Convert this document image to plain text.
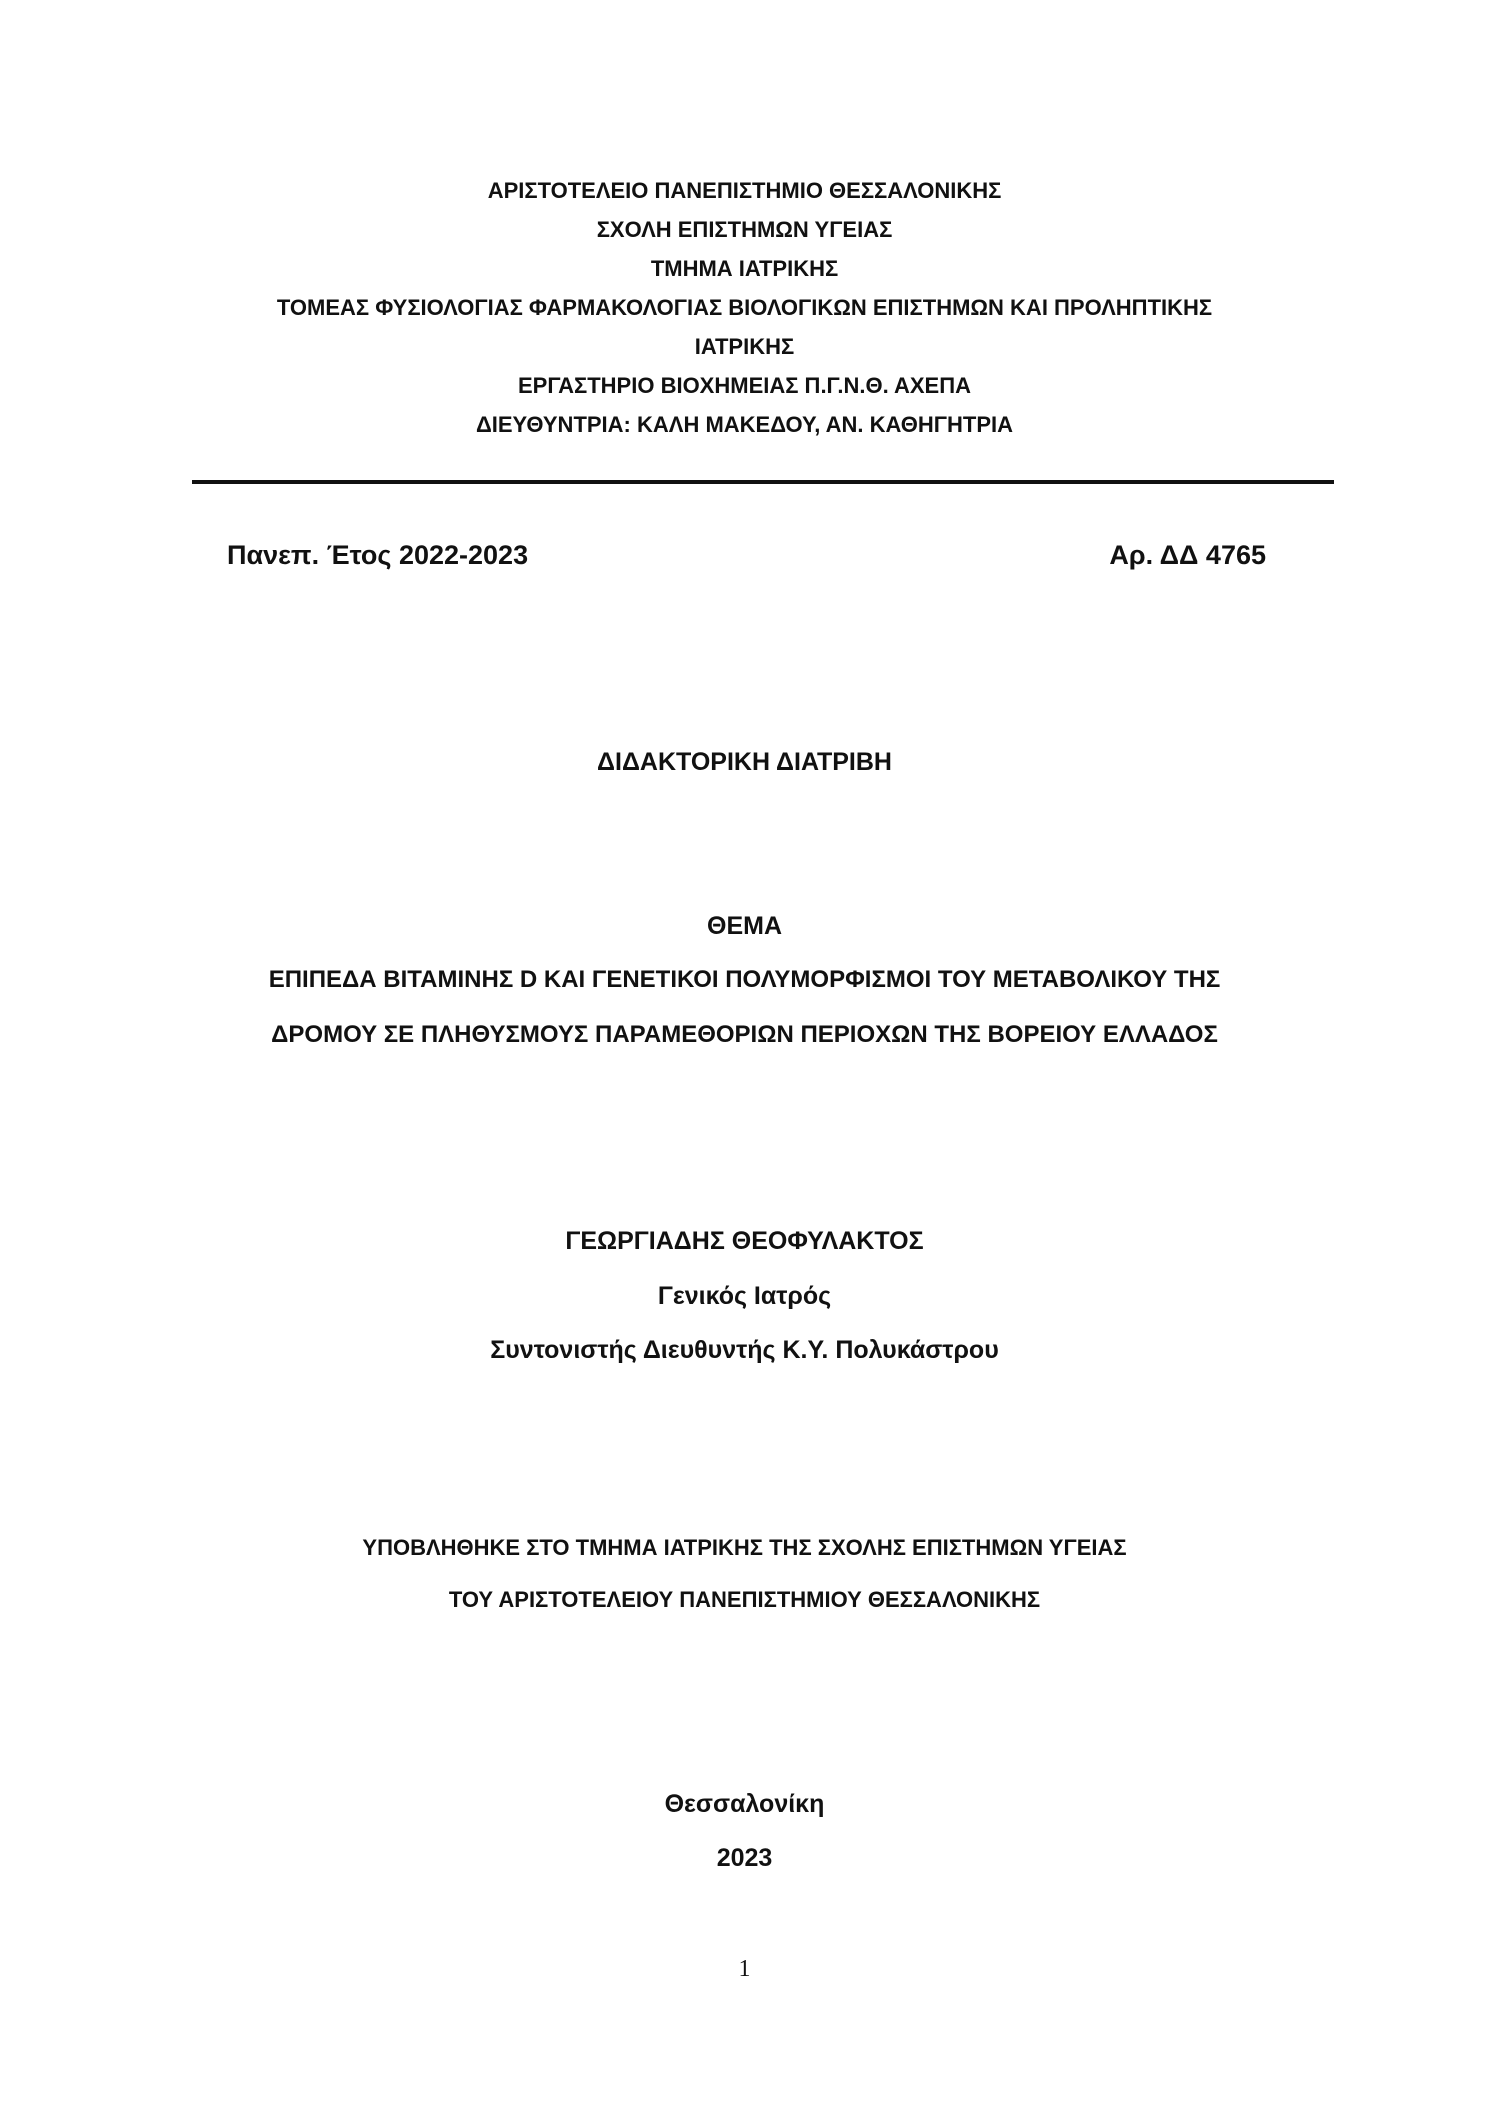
ΑΡΙΣΤΟΤΕΛΕΙΟ ΠΑΝΕΠΙΣΤΗΜΙΟ ΘΕΣΣΑΛΟΝΙΚΗΣ
ΣΧΟΛΗ ΕΠΙΣΤΗΜΩΝ ΥΓΕΙΑΣ
ΤΜΗΜΑ ΙΑΤΡΙΚΗΣ
ΤΟΜΕΑΣ ΦΥΣΙΟΛΟΓΙΑΣ ΦΑΡΜΑΚΟΛΟΓΙΑΣ ΒΙΟΛΟΓΙΚΩΝ ΕΠΙΣΤΗΜΩΝ ΚΑΙ ΠΡΟΛΗΠΤΙΚΗΣ
ΙΑΤΡΙΚΗΣ
ΕΡΓΑΣΤΗΡΙΟ ΒΙΟΧΗΜΕΙΑΣ Π.Γ.Ν.Θ. ΑΧΕΠΑ
ΔΙΕΥΘΥΝΤΡΙΑ: ΚΑΛΗ ΜΑΚΕΔΟΥ, ΑΝ. ΚΑΘΗΓΗΤΡΙΑ
Πανεπ. Έτος 2022-2023	Αρ. ΔΔ 4765
ΔΙΔΑΚΤΟΡΙΚΗ ΔΙΑΤΡΙΒΗ
ΘΕΜΑ
ΕΠΙΠΕΔΑ ΒΙΤΑΜΙΝΗΣ D ΚΑΙ ΓΕΝΕΤΙΚΟΙ ΠΟΛΥΜΟΡΦΙΣΜΟΙ ΤΟΥ ΜΕΤΑΒΟΛΙΚΟΥ ΤΗΣ
ΔΡΟΜΟΥ ΣΕ ΠΛΗΘΥΣΜΟΥΣ ΠΑΡΑΜΕΘΟΡΙΩΝ ΠΕΡΙΟΧΩΝ ΤΗΣ ΒΟΡΕΙΟΥ ΕΛΛΑΔΟΣ
ΓΕΩΡΓΙΑΔΗΣ ΘΕΟΦΥΛΑΚΤΟΣ
Γενικός Ιατρός
Συντονιστής Διευθυντής Κ.Υ. Πολυκάστρου
ΥΠΟΒΛΗΘΗΚΕ ΣΤΟ ΤΜΗΜΑ ΙΑΤΡΙΚΗΣ ΤΗΣ ΣΧΟΛΗΣ ΕΠΙΣΤΗΜΩΝ ΥΓΕΙΑΣ
ΤΟΥ ΑΡΙΣΤΟΤΕΛΕΙΟΥ ΠΑΝΕΠΙΣΤΗΜΙΟΥ ΘΕΣΣΑΛΟΝΙΚΗΣ
Θεσσαλονίκη
2023
1
